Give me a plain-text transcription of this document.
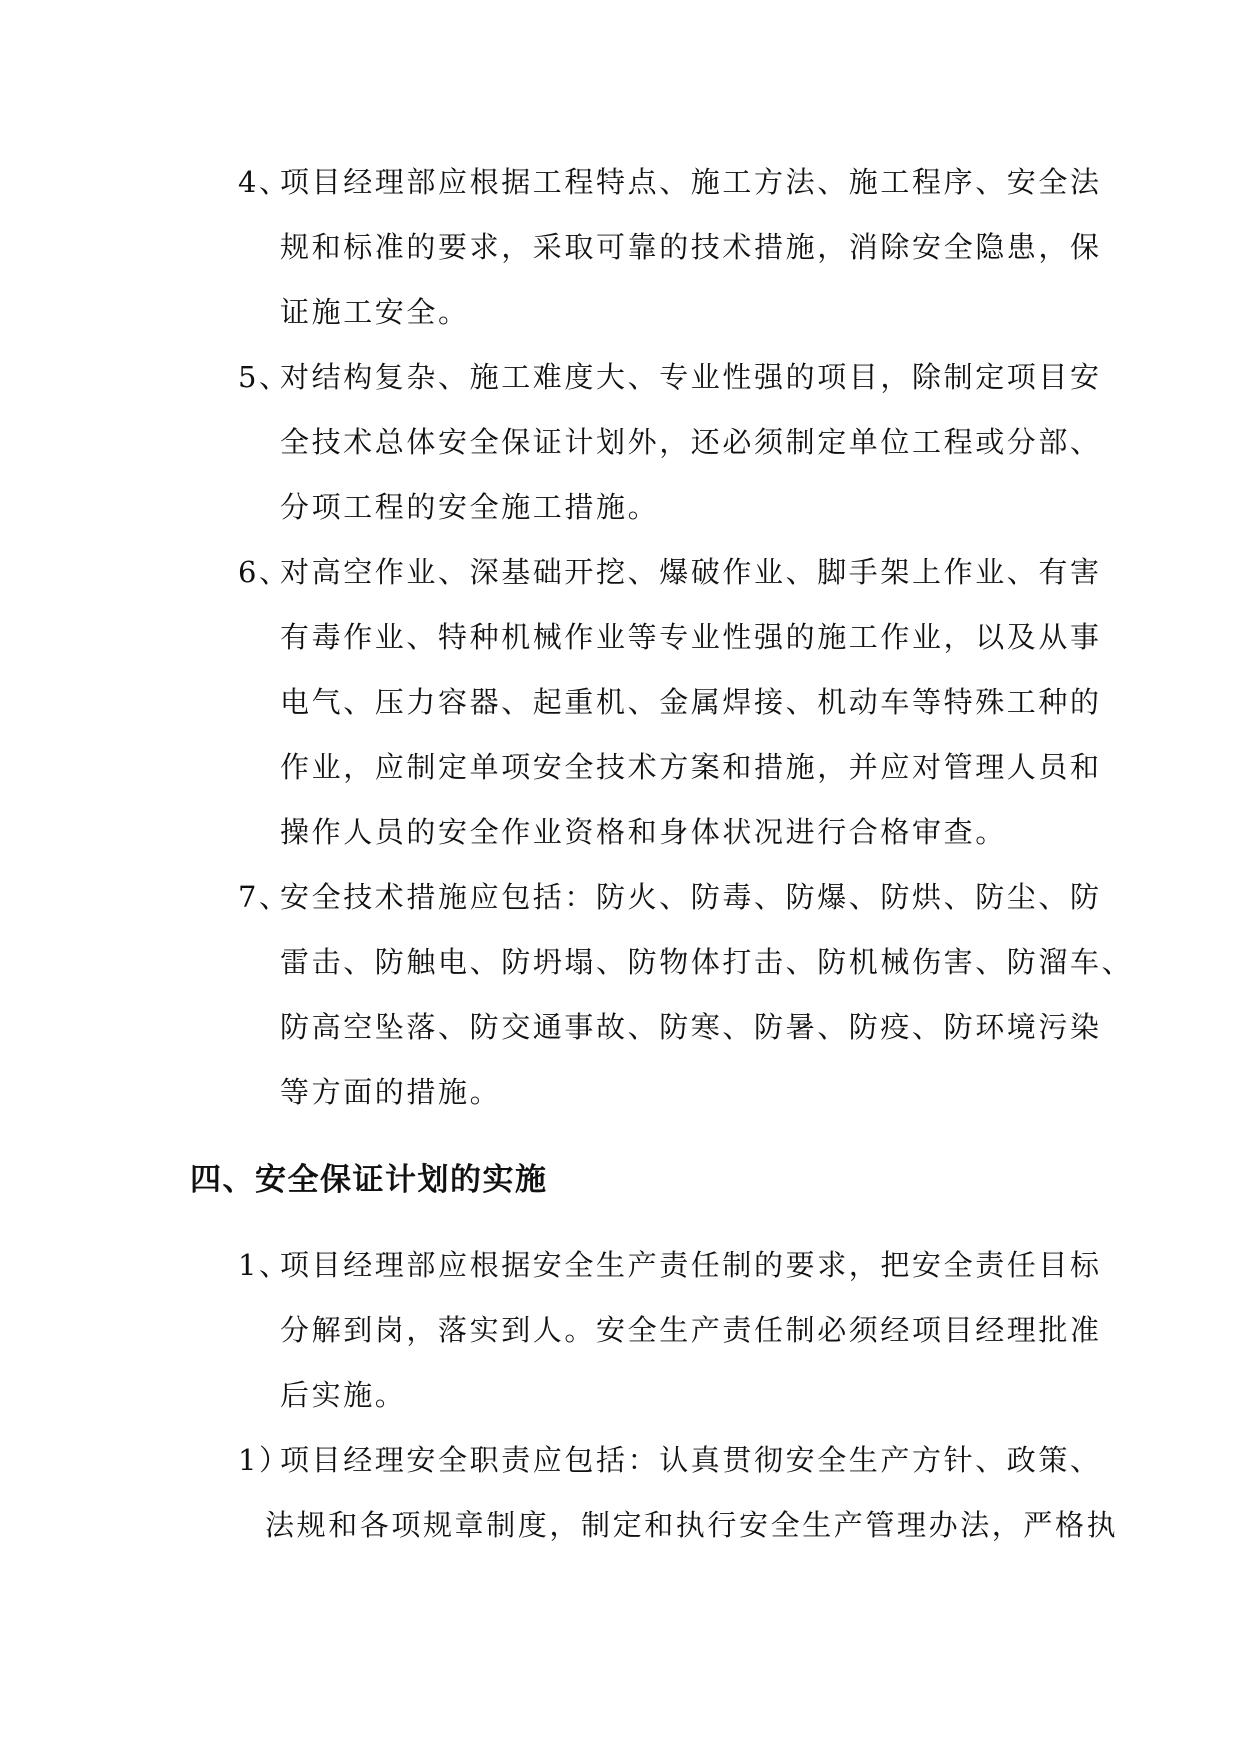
4、
项目经理部应根据工程特点、施工方法、施工程序、安全法
规和标准的要求，采取可靠的技术措施，消除安全隐患，保
证施工安全。
5、
对结构复杂、施工难度大、专业性强的项目，除制定项目安
全技术总体安全保证计划外，还必须制定单位工程或分部、
分项工程的安全施工措施。
6、
对高空作业、深基础开挖、爆破作业、脚手架上作业、有害
有毒作业、特种机械作业等专业性强的施工作业，以及从事
电气、压力容器、起重机、金属焊接、机动车等特殊工种的
作业，应制定单项安全技术方案和措施，并应对管理人员和
操作人员的安全作业资格和身体状况进行合格审查。
7、
安全技术措施应包括：防火、防毒、防爆、防烘、防尘、防
雷击、防触电、防坍塌、防物体打击、防机械伤害、防溜车、
防高空坠落、防交通事故、防寒、防暑、防疫、防环境污染
等方面的措施。
四、安全保证计划的实施
1、
项目经理部应根据安全生产责任制的要求，把安全责任目标
分解到岗，落实到人。安全生产责任制必须经项目经理批准
后实施。
1）
项目经理安全职责应包括：认真贯彻安全生产方针、政策、
法规和各项规章制度，制定和执行安全生产管理办法，严格执
